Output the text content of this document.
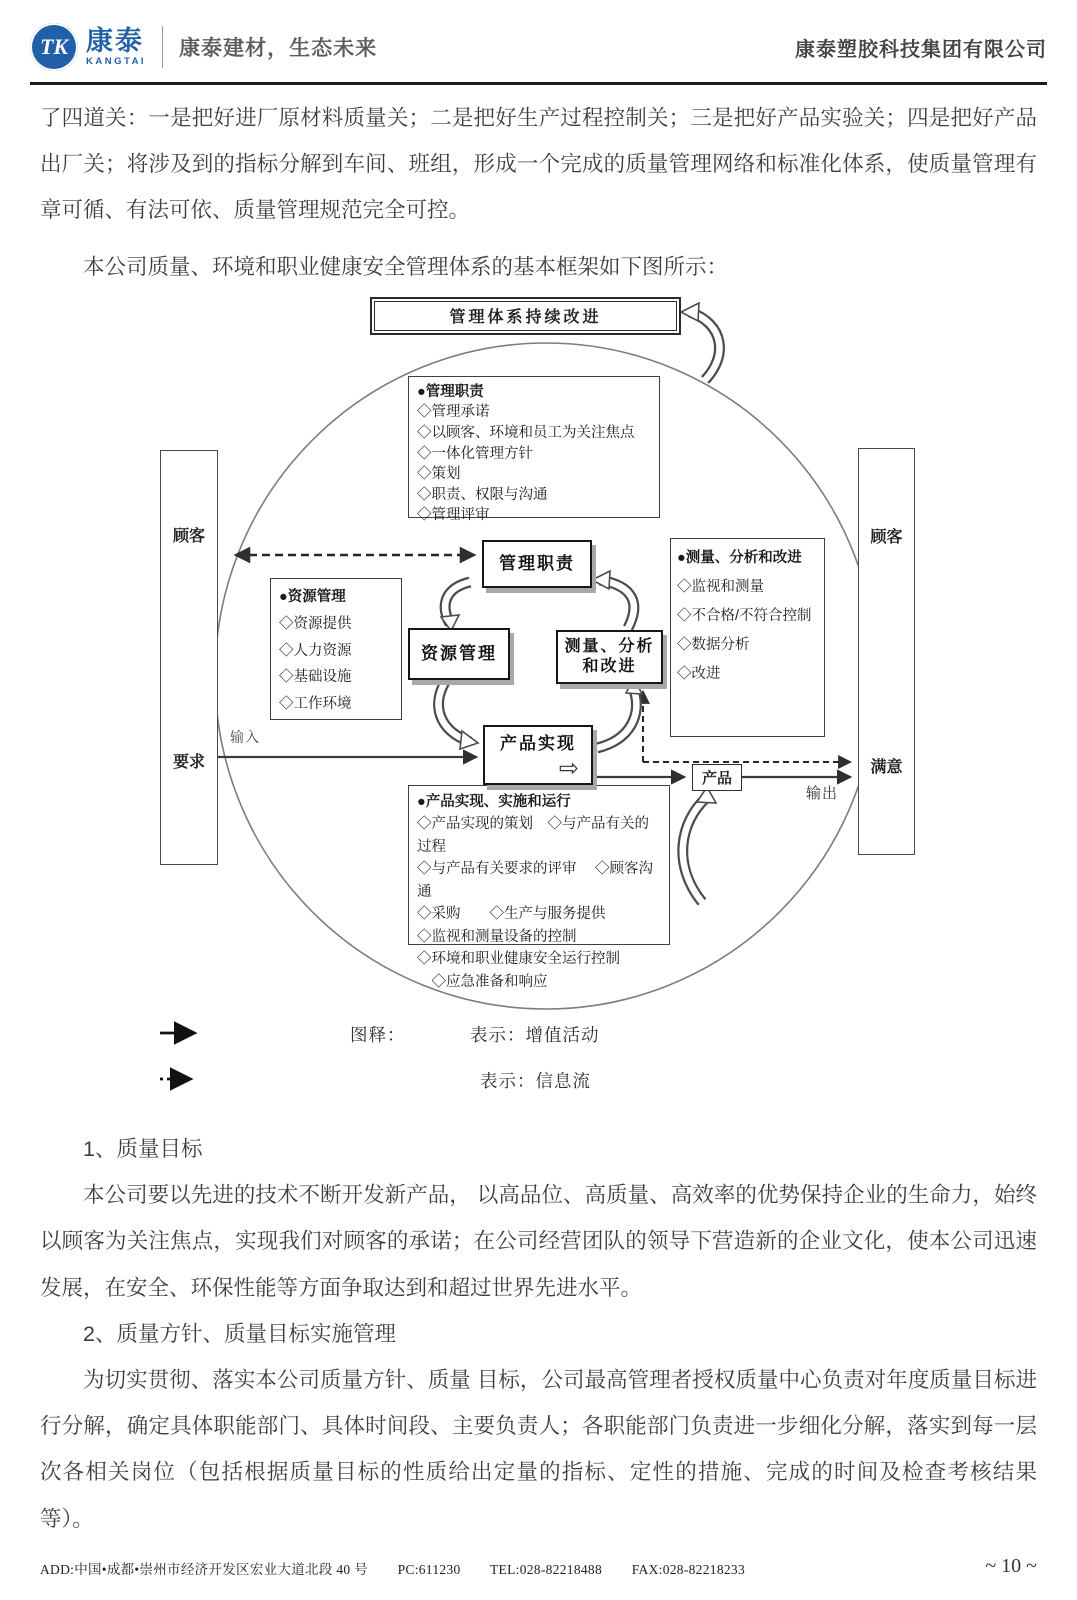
TK 康泰
KANGTAI
康泰建材，生态未来	康泰塑胶科技集团有限公司
了四道关：一是把好进厂原材料质量关；二是把好生产过程控制关；三是把好产品实验关；四是把好产品出厂关；将涉及到的指标分解到车间、班组，形成一个完成的质量管理网络和标准化体系，使质量管理有章可循、有法可依、质量管理规范完全可控。
本公司质量、环境和职业健康安全管理体系的基本框架如下图所示：
管理体系持续改进
顾客
要求
顾客
满意
●管理职责
◇管理承诺
◇以顾客、环境和员工为关注焦点
◇一体化管理方针
◇策划
◇职责、权限与沟通
◇管理评审
●资源管理
◇资源提供
◇人力资源
◇基础设施
◇工作环境
●测量、分析和改进
◇监视和测量
◇不合格/不符合控制
◇数据分析
◇改进
●产品实现、实施和运行
◇产品实现的策划　◇与产品有关的过程
◇与产品有关要求的评审　 ◇顾客沟通
◇采购　　◇生产与服务提供
◇监视和测量设备的控制
◇环境和职业健康安全运行控制
　◇应急准备和响应
管理职责
资源管理	测量、分析
和改进
产品实现
⇨	产品
输入
输出
图释：	表示：增值活动
表示：信息流
1、质量目标
本公司要以先进的技术不断开发新产品， 以高品位、高质量、高效率的优势保持企业的生命力，始终以顾客为关注焦点，实现我们对顾客的承诺；在公司经营团队的领导下营造新的企业文化，使本公司迅速发展，在安全、环保性能等方面争取达到和超过世界先进水平。
2、质量方针、质量目标实施管理
为切实贯彻、落实本公司质量方针、质量 目标，公司最高管理者授权质量中心负责对年度质量目标进行分解，确定具体职能部门、具体时间段、主要负责人；各职能部门负责进一步细化分解，落实到每一层次各相关岗位（包括根据质量目标的性质给出定量的指标、定性的措施、完成的时间及检查考核结果等）。
ADD:中国•成都•崇州市经济开发区宏业大道北段 40 号 PC:611230 TEL:028-82218488 FAX:028-82218233	~ 10 ~
